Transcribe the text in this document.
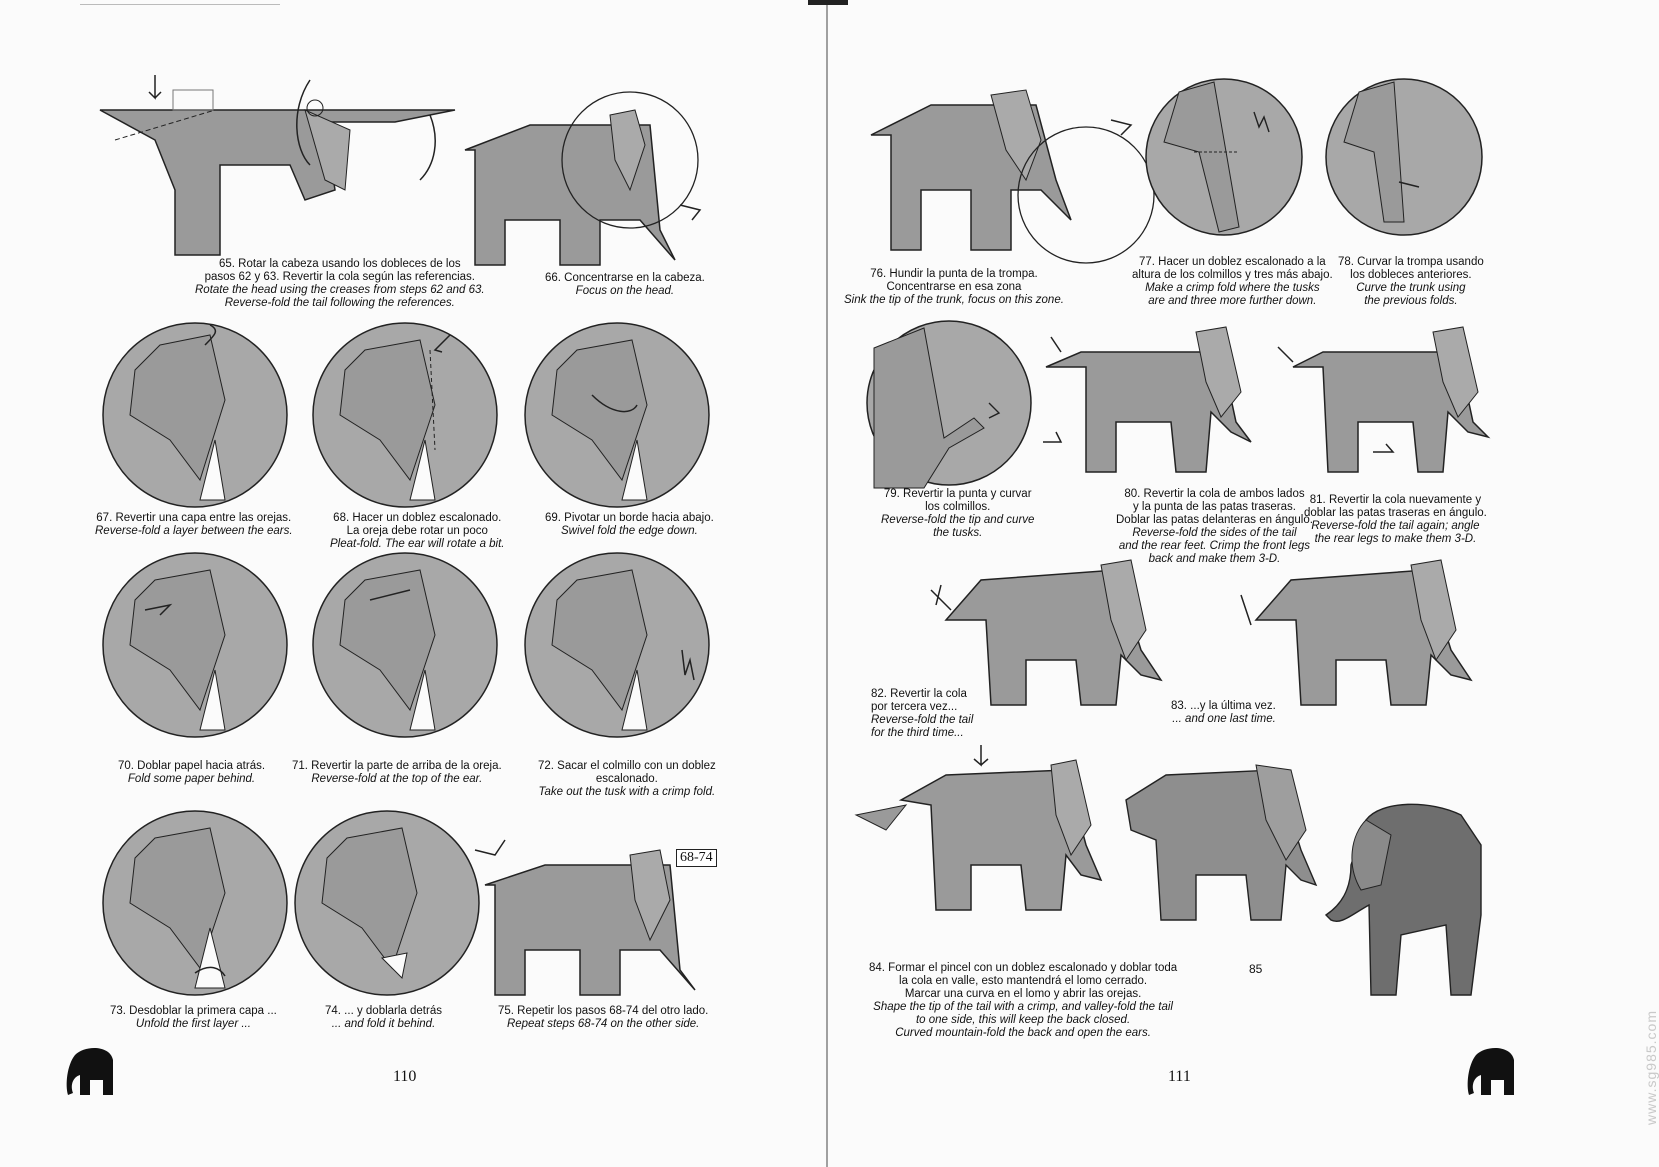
65. Rotar la cabeza usando los dobleces de los
pasos 62 y 63. Revertir la cola según las referencias.
Rotate the head using the creases from steps 62 and 63.
Reverse-fold the tail following the references.
66. Concentrarse en la cabeza.
Focus on the head.
67. Revertir una capa entre las orejas.
Reverse-fold a layer between the ears.
68. Hacer un doblez escalonado.
La oreja debe rotar un poco
Pleat-fold. The ear will rotate a bit.
69. Pivotar un borde hacia abajo.
Swivel fold the edge down.
70. Doblar papel hacia atrás.
Fold some paper behind.
71. Revertir la parte de arriba de la oreja.
Reverse-fold at the top of the ear.
72. Sacar el colmillo con un doblez
escalonado.
Take out the tusk with a crimp fold.
73. Desdoblar la primera capa ...
Unfold the first layer ...
74. ... y doblarla detrás
... and fold it behind.
68-74
75. Repetir los pasos 68-74 del otro lado.
Repeat steps 68-74 on the other side.
110
76. Hundir la punta de la trompa.
Concentrarse en esa zona
Sink the tip of the trunk, focus on this zone.
77. Hacer un doblez escalonado a la
altura de los colmillos y tres más abajo.
Make a crimp fold where the tusks
are and three more further down.
78. Curvar la trompa usando
los dobleces anteriores.
Curve the trunk using
the previous folds.
79. Revertir la punta y curvar
los colmillos.
Reverse-fold the tip and curve
the tusks.
80. Revertir la cola de ambos lados
y la punta de las patas traseras.
Doblar las patas delanteras en ángulo.
Reverse-fold the sides of the tail
and the rear feet. Crimp the front legs
back and make them 3-D.
81. Revertir la cola nuevamente y
doblar las patas traseras en ángulo.
Reverse-fold the tail again; angle
the rear legs to make them 3-D.
82. Revertir la cola
por tercera vez...
Reverse-fold the tail
for the third time...
83. ...y la última vez.
... and one last time.
84. Formar el pincel con un doblez escalonado y doblar toda
la cola en valle, esto mantendrá el lomo cerrado.
Marcar una curva en el lomo y abrir las orejas.
Shape the tip of the tail with a crimp, and valley-fold the tail
to one side, this will keep the back closed.
Curved mountain-fold the back and open the ears.
85
111	www.sg985.com
